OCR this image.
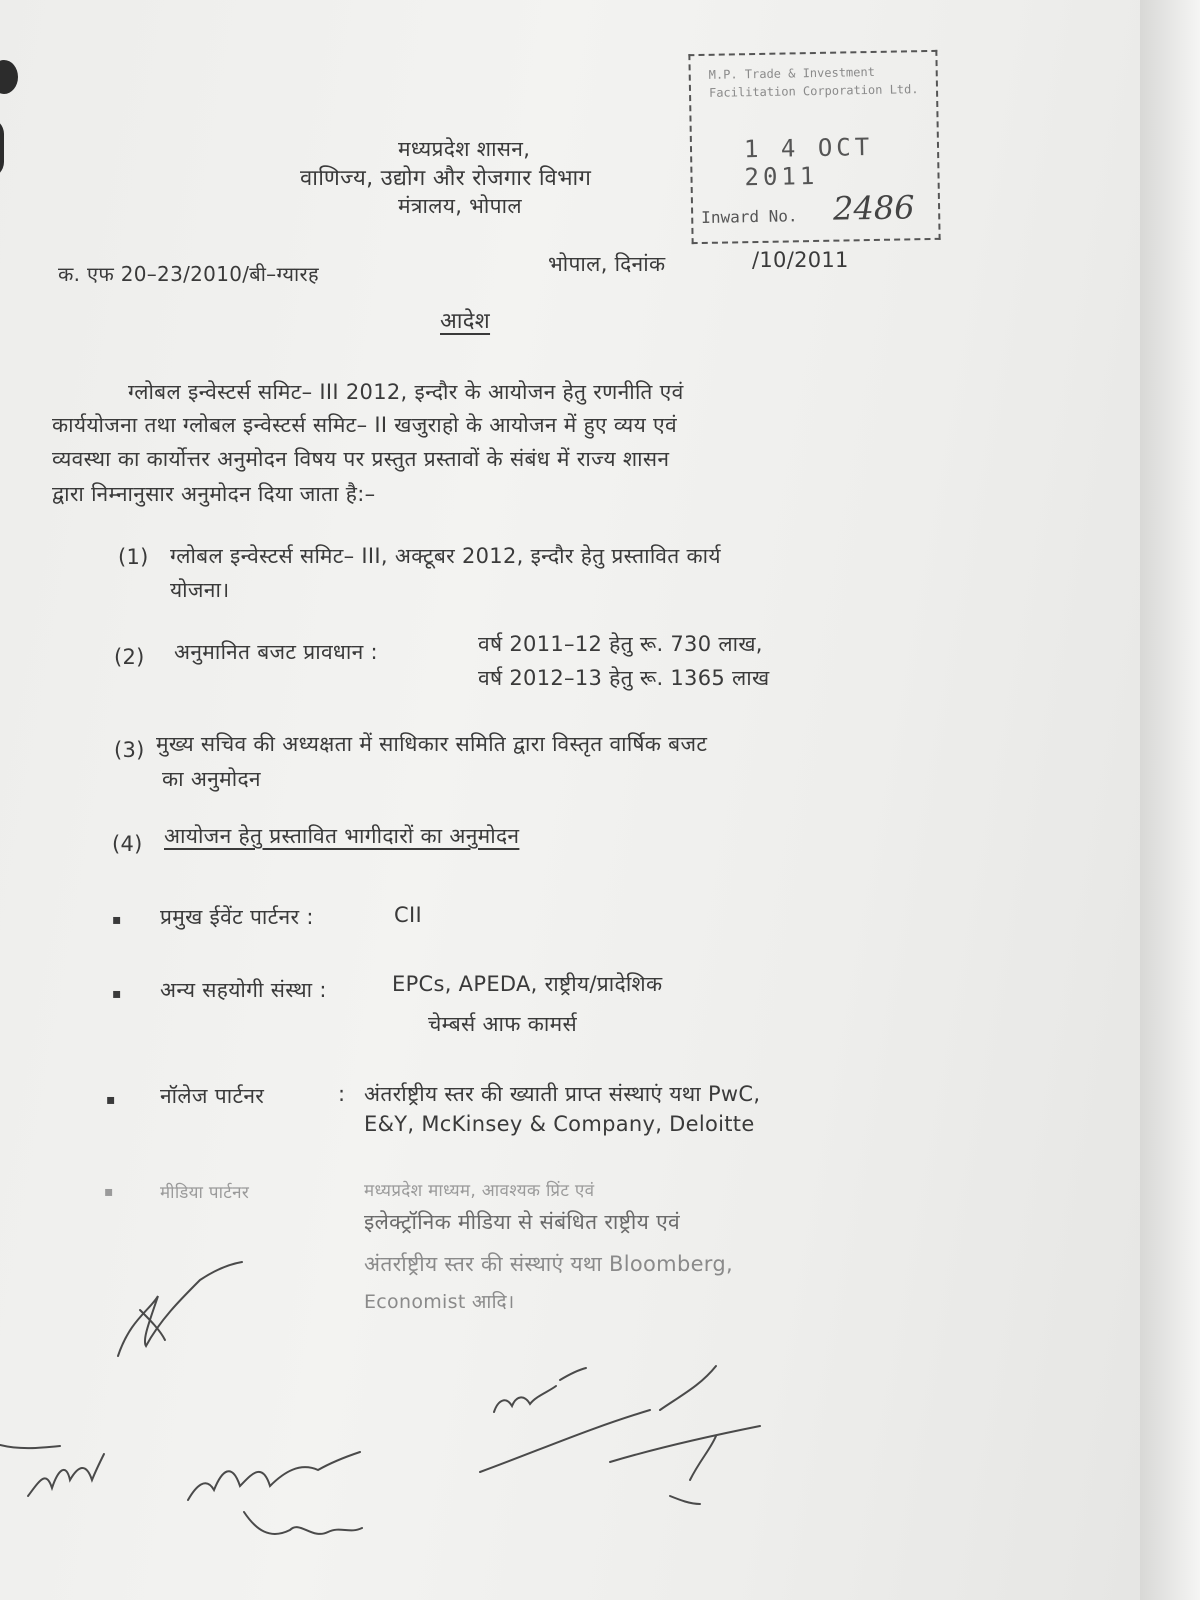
मध्यप्रदेश शासन,
वाणिज्य, उद्योग और रोजगार विभाग
मंत्रालय, भोपाल
M.P. Trade & Investment
Facilitation Corporation Ltd.
1 4 OCT 2011
Inward No. 2486
क. एफ 20–23/2010/बी–ग्यारह	भोपाल, दिनांक	/10/2011
आदेश
ग्लोबल इन्वेस्टर्स समिट– III 2012, इन्दौर के आयोजन हेतु रणनीति एवं
कार्ययोजना तथा ग्लोबल इन्वेस्टर्स समिट– II खजुराहो के आयोजन में हुए व्यय एवं
व्यवस्था का कार्योत्तर अनुमोदन विषय पर प्रस्तुत प्रस्तावों के संबंध में राज्य शासन
द्वारा निम्नानुसार अनुमोदन दिया जाता है:–
(1) ग्लोबल इन्वेस्टर्स समिट– III, अक्टूबर 2012, इन्दौर हेतु प्रस्तावित कार्य
योजना।
(2) अनुमानित बजट प्रावधान :	वर्ष 2011–12 हेतु रू. 730 लाख,
वर्ष 2012–13 हेतु रू. 1365 लाख
(3) मुख्य सचिव की अध्यक्षता में साधिकार समिति द्वारा विस्तृत वार्षिक बजट
का अनुमोदन
(4) आयोजन हेतु प्रस्तावित भागीदारों का अनुमोदन
▪ प्रमुख ईवेंट पार्टनर :	CII
▪ अन्य सहयोगी संस्था :	EPCs, APEDA, राष्ट्रीय/प्रादेशिक
चेम्बर्स आफ कामर्स
▪ नॉलेज पार्टनर	: अंतर्राष्ट्रीय स्तर की ख्याती प्राप्त संस्थाएं यथा PwC,
E&Y, McKinsey & Company, Deloitte
▪	मीडिया पार्टनर	मध्यप्रदेश माध्यम, आवश्यक प्रिंट एवं
इलेक्ट्रॉनिक मीडिया से संबंधित राष्ट्रीय एवं
अंतर्राष्ट्रीय स्तर की संस्थाएं यथा Bloomberg,
Economist आदि।
